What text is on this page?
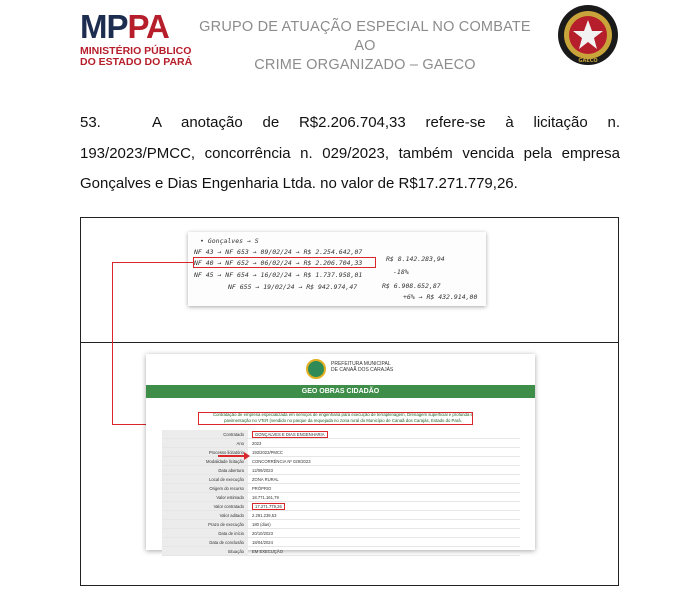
MPPA
MINISTÉRIO PÚBLICO
DO ESTADO DO PARÁ
GRUPO DE ATUAÇÃO ESPECIAL NO COMBATE AO
CRIME ORGANIZADO – GAECO	GAECO
53.	A anotação de R$2.206.704,33 refere-se à licitação n. 193/2023/PMCC, concorrência n. 029/2023, também vencida pela empresa Gonçalves e Dias Engenharia Ltda. no valor de R$17.271.779,26.
• Gonçalves → S
NF 43 → NF 653 → 09/02/24 → R$ 2.254.642,07
NF 40 → NF 652 → 06/02/24 → R$ 2.206.704,33
NF 45 → NF 654 → 16/02/24 → R$ 1.737.958,01
NF 655 → 19/02/24 → R$ 942.974,47
R$ 8.142.283,94
-18%
R$ 6.908.652,87
+6% → R$ 432.914,00
PREFEITURA MUNICIPAL
DE CANAÃ DOS CARAJÁS
GEO OBRAS CIDADÃO
Contratação de empresa especializada em serviços de engenharia para execução de terraplenagem, Drenagem superficial e profunda e pavimentação no VTcR (vendido no parque da requejada no zona rural do Município de Canaã dos Carajás, Estado do Pará.
Contratado	GONÇALVES E DIAS ENGENHARIA
Ano	2023
Processo licitatório	193/2023/PMCC
Modalidade licitação	CONCORRÊNCIA Nº 029/2023
Data abertura	12/09/2023
Local de execução	ZONA RURAL
Origem do recurso	PRÓPRIO
Valor estimado	18.771.161,79
Valor contratado	17.271.779,26
Valor aditado	2.291.239,53
Prazo de execução	180 (dias)
Data de início	20/10/2023
Data de conclusão	18/04/2024
Situação	EM EXECUÇÃO
